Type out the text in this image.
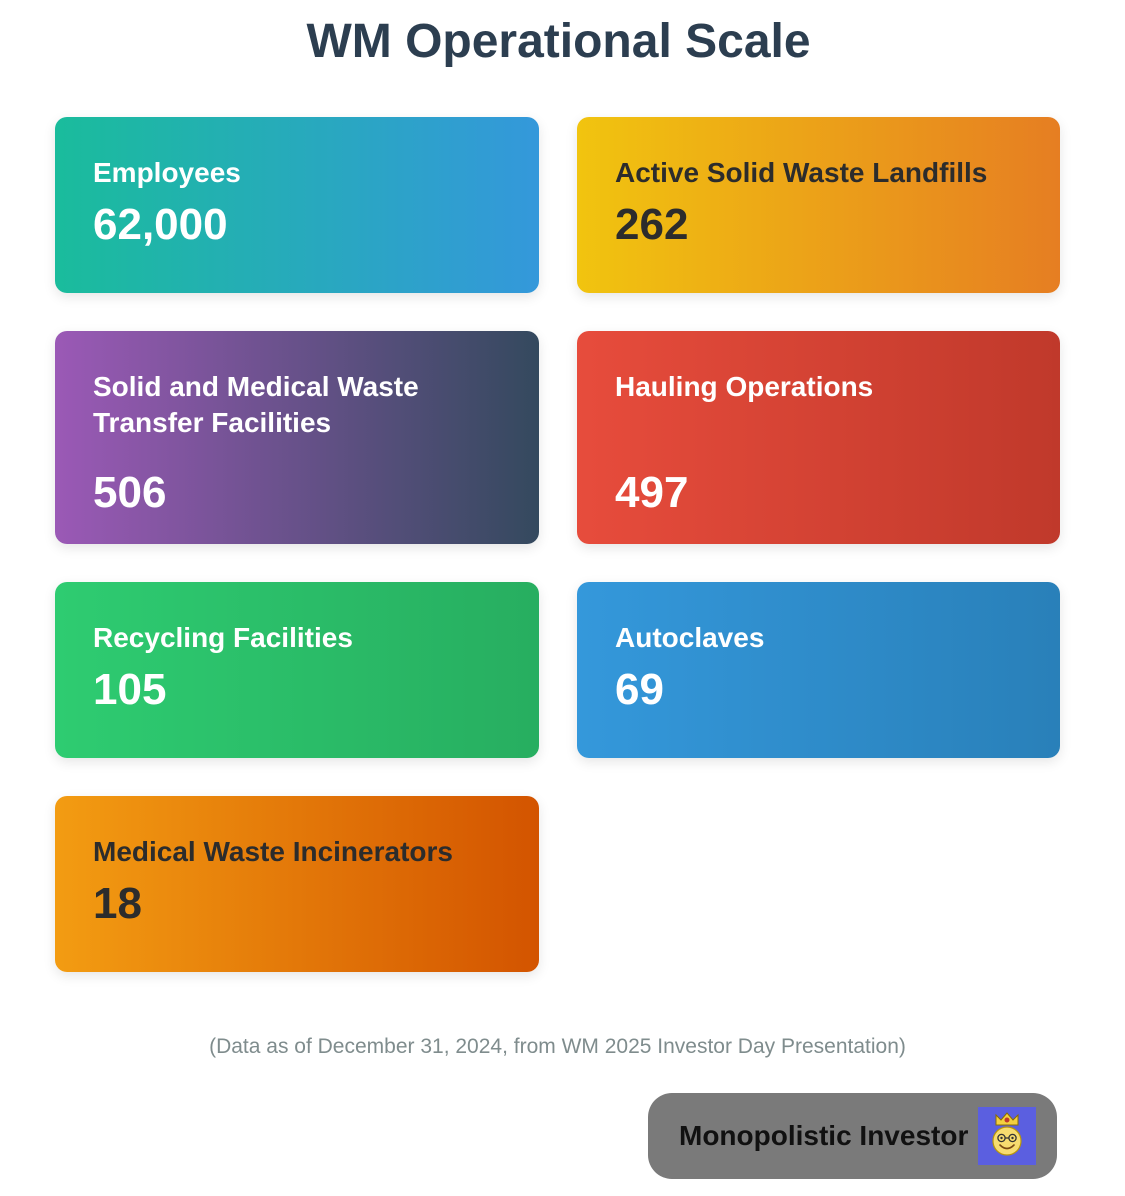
WM Operational Scale
Employees
62,000
Active Solid Waste Landfills
262
Solid and Medical Waste Transfer Facilities
506
Hauling Operations
497
Recycling Facilities
105
Autoclaves
69
Medical Waste Incinerators
18
(Data as of December 31, 2024, from WM 2025 Investor Day Presentation)
Monopolistic Investor
